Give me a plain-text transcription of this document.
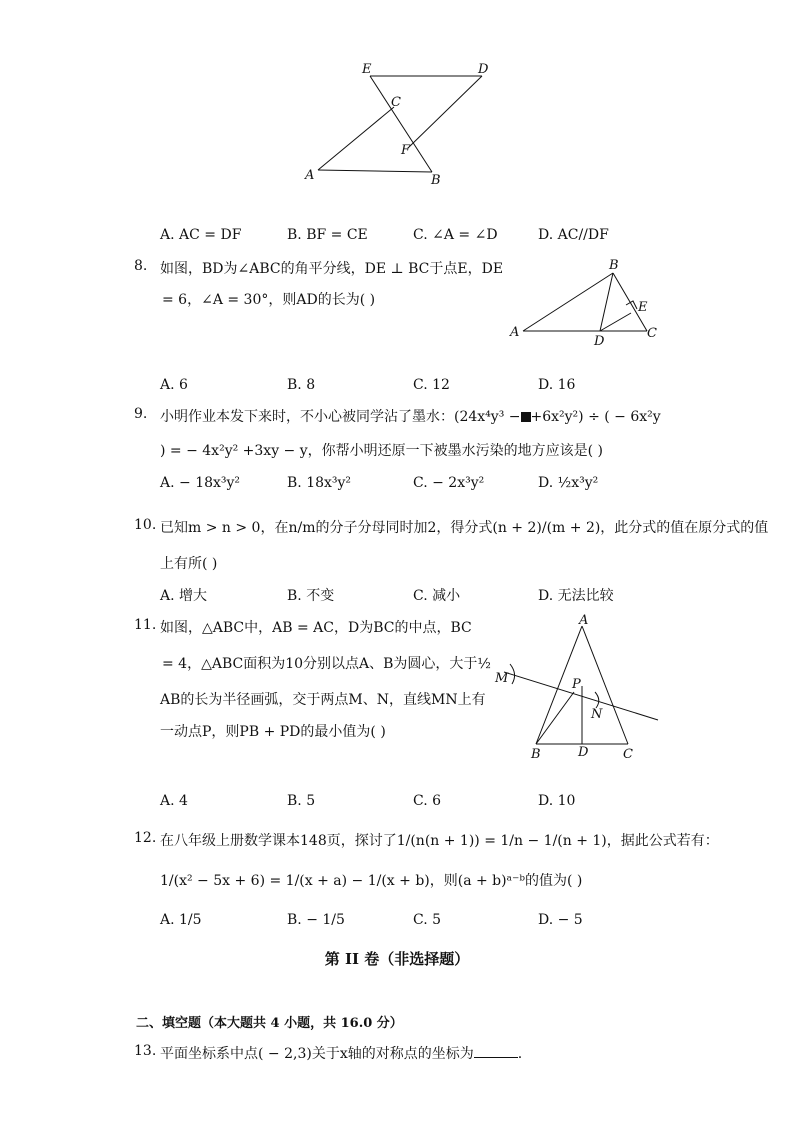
E	D
C
F
A	B
A. AC = DF	B. BF = CE	C. ∠A = ∠D	D. AC//DF
8. 如图，BD为∠ABC的角平分线，DE ⊥ BC于点E，DE
= 6，∠A = 30°，则AD的长为( )
B
E
A
D
C
A. 6	B. 8	C. 12	D. 16
9. 小明作业本发下来时，不小心被同学沾了墨水：(24x⁴y³ − +6x²y²) ÷ ( − 6x²y
) = − 4x²y² +3xy − y，你帮小明还原一下被墨水污染的地方应该是( )
A. − 18x³y²	B. 18x³y²	C. − 2x³y²	D. ½x³y²
10. 已知m > n > 0，在n/m的分子分母同时加2，得分式(n + 2)/(m + 2)，此分式的值在原分式的值
上有所( )
A. 增大	B. 不变	C. 减小	D. 无法比较
11. 如图，△ABC中，AB = AC，D为BC的中点，BC
= 4，△ABC面积为10分别以点A、B为圆心，大于½
AB的长为半径画弧，交于两点M、N，直线MN上有
一动点P，则PB + PD的最小值为( )
A
M	P
N
B	D	C
A. 4	B. 5	C. 6	D. 10
12. 在八年级上册数学课本148页，探讨了1/(n(n + 1)) = 1/n − 1/(n + 1)，据此公式若有：
1/(x² − 5x + 6) = 1/(x + a) − 1/(x + b)，则(a + b)ᵃ⁻ᵇ的值为( )
A. 1/5	B. − 1/5	C. 5	D. − 5
第 II 卷（非选择题）
二、填空题（本大题共 4 小题，共 16.0 分）
13. 平面坐标系中点( − 2,3)关于x轴的对称点的坐标为	.
